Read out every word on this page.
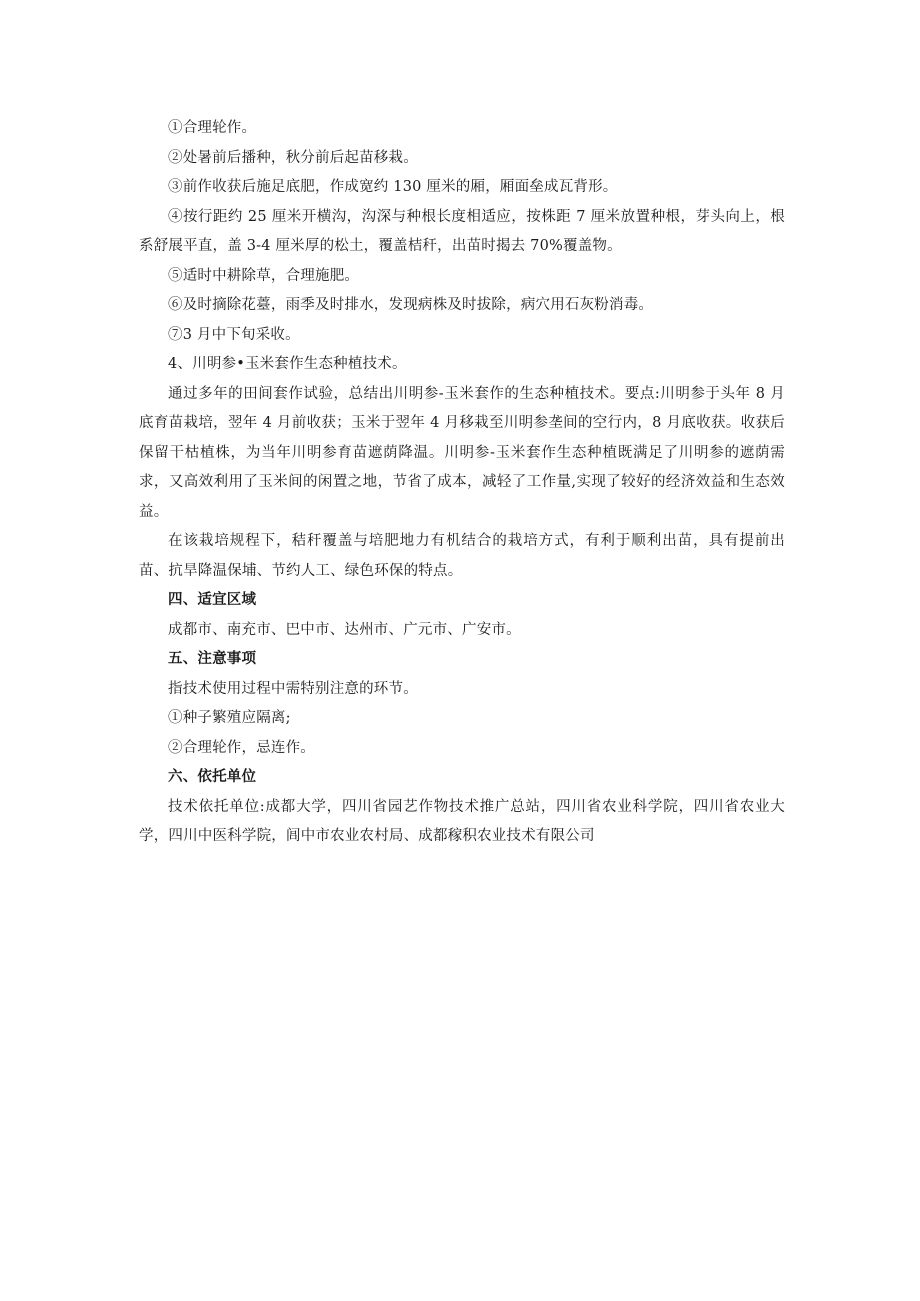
①合理轮作。

②处暑前后播种，秋分前后起苗移栽。

③前作收获后施足底肥，作成宽约 130 厘米的厢，厢面垒成瓦背形。

④按行距约 25 厘米开横沟，沟深与种根长度相适应，按株距 7 厘米放置种根，芽头向上，根系舒展平直，盖 3-4 厘米厚的松土，覆盖桔秆，出苗时揭去 70%覆盖物。

⑤适时中耕除草，合理施肥。

⑥及时摘除花薹，雨季及时排水，发现病株及时拔除，病穴用石灰粉消毒。

⑦3 月中下旬采收。

4、川明参•玉米套作生态种植技术。

通过多年的田间套作试验，总结出川明参-玉米套作的生态种植技术。要点:川明参于头年 8 月底育苗栽培，翌年 4 月前收获；玉米于翌年 4 月移栽至川明参垄间的空行内，8 月底收获。收获后保留干枯植株，为当年川明参育苗遮荫降温。川明参-玉米套作生态种植既满足了川明参的遮荫需求，又高效利用了玉米间的闲置之地，节省了成本，减轻了工作量,实现了较好的经济效益和生态效益。

在该栽培规程下，秸秆覆盖与培肥地力有机结合的栽培方式，有利于顺利出苗，具有提前出苗、抗旱降温保埔、节约人工、绿色环保的特点。

四、适宜区域

成都市、南充市、巴中市、达州市、广元市、广安市。

五、注意事项

指技术使用过程中需特别注意的环节。

①种子繁殖应隔离;

②合理轮作，忌连作。

六、依托单位

技术依托单位:成都大学，四川省园艺作物技术推广总站，四川省农业科学院，四川省农业大学，四川中医科学院，闾中市农业农村局、成都稼积农业技术有限公司
